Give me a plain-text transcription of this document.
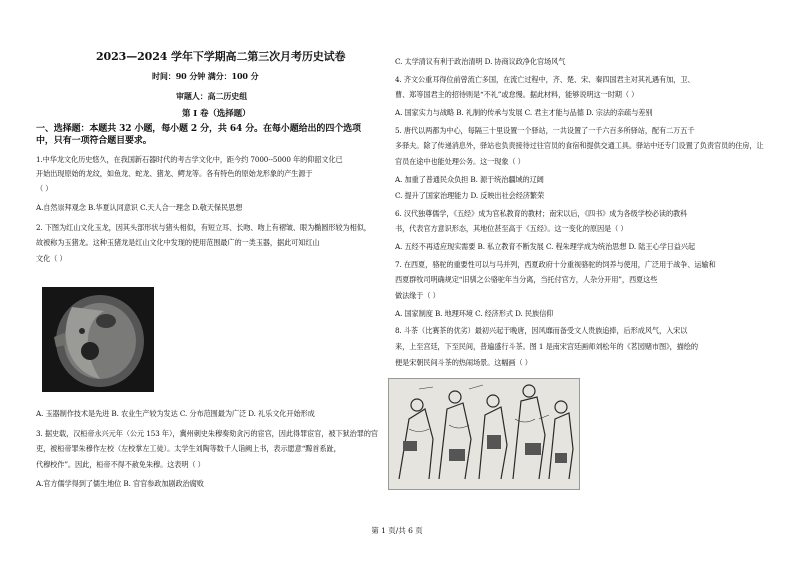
2023—2024 学年下学期高二第三次月考历史试卷
时间：90 分钟 满分：100 分
审题人：高二历史组
第 I 卷（选择题）
一、选择题：本题共 32 小题，每小题 2 分，共 64 分。在每小题给出的四个选项
中，只有一项符合题目要求。
1.中华龙文化历史悠久，在我国新石器时代的考古学文化中，距今约 7000--5000 年的仰韶文化已
开始出现原始的龙纹，如鱼龙、蛇龙、猪龙、鳄龙等。各有特色的原始龙形象的产生源于
（ ）
A.自然崇拜观念 B.华夏认同意识 C.天人合一理念 D.敬天保民思想
2. 下图为红山文化玉龙，因其头部形状与猪头相似，有短立耳、长吻、吻上有褶皱、眼为椭圆形较为相似，
故被称为玉猪龙。这种玉猪龙是红山文化中发现的使用范围最广的一类玉器，据此可知红山
文化（ ）
A. 玉器制作技术是先进 B. 农业生产较为发达 C. 分布范围最为广泛 D. 礼乐文化开始形成
3. 据史载，汉桓帝永兴元年（公元 153 年），冀州刺史朱穆奏劾贪污的宦官，因此得罪宦官，被下狱治罪的官
吏，被桓帝罪朱穆作左校（左校掌左工徒）。太学生刘陶等数千人诣阙上书，表示愿意“黥首系趾，
代穆校作”。因此，桓帝不得不赦免朱穆。这表明（ ）
A.官方儒学得到了儒生地位 B. 官官参政加剧政治腐败
C. 太学清议有利于政治清明 D. 协商议政净化官场风气
4. 齐文公重耳得位前曾流亡多国，在流亡过程中，齐、楚、宋、秦四国君主对其礼遇有加，卫、
曹、郑等国君主的招待则是“不礼”或怠慢。据此材料，能够说明这一时期（ ）
A. 国家实力与战略 B. 礼制的传承与发展 C. 君主才能与品德 D. 宗法的亲疏与差别
5. 唐代以两都为中心，每隔三十里设置一个驿站，一共设置了一千六百多所驿站，配有二万五千
多驿夫。除了传递消息外，驿站也负责接待过往官员的食宿和提供交通工具。驿站中还专门设置了负责官员的住房，让
官员在途中也能处理公务。这一现象（ ）
A. 加重了普通民众负担 B. 源于统治疆域的辽阔
C. 提升了国家治理能力 D. 反映出社会经济繁荣
6. 汉代独尊儒学，《五经》成为官私教育的教材；南宋以后，《四书》成为各级学校必读的教科
书，代表官方意识形态，其地位甚至高于《五经》。这一变化的原因是（ ）
A. 五经不再适应现实需要 B. 私立教育不断发展 C. 程朱理学成为统治思想 D. 陆王心学日益兴起
7. 在西夏，骆驼的重要性可以与马并列，西夏政府十分重视骆驼的饲养与使用，广泛用于战争、运输和
西夏群牧司明确规定“旧驯之公骆驼年当分离，当托付官方，人杂分开用”，西夏这些
做法缘于（ ）
A. 国家制度 B. 地理环境 C. 经济形式 D. 民族信仰
8. 斗茶（比赛茶的优劣）最初兴起于晚唐，因风靡而备受文人贵族追捧，后形成风气，入宋以
来，上至宫廷，下至民间，普遍盛行斗茶。图 1 是南宋宫廷画师刘松年的《茗园赌市图》，描绘的
便是宋朝民间斗茶的热闹场景。这幅画（ ）
第 1 页/共 6 页
